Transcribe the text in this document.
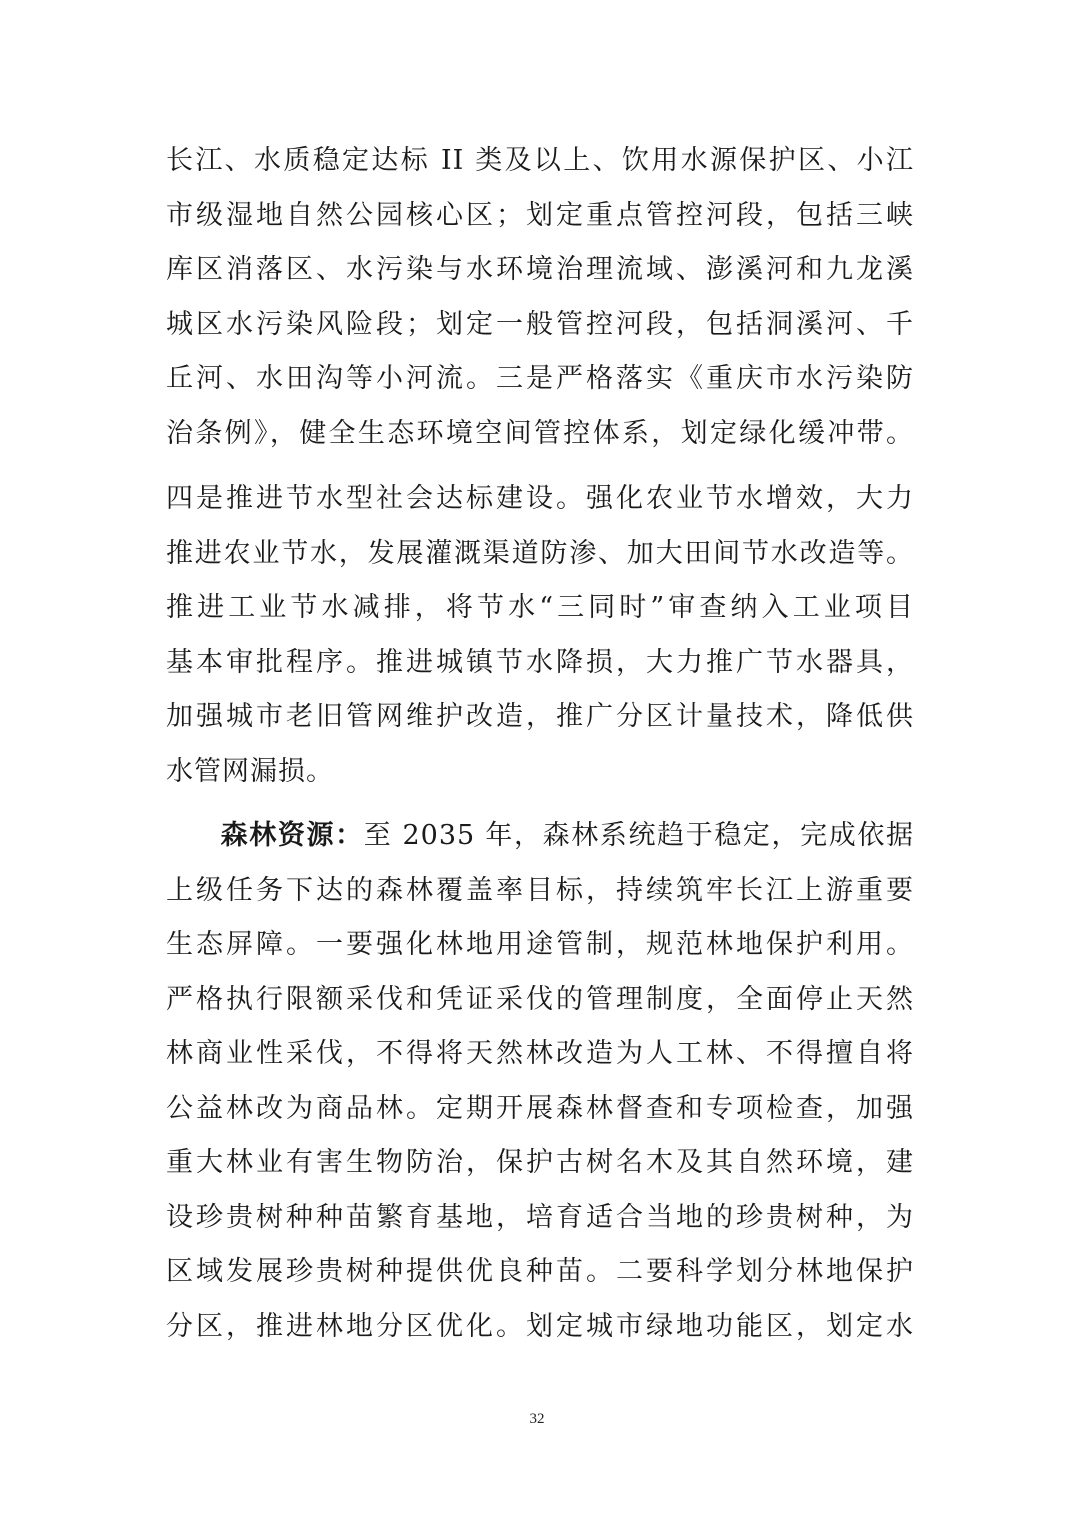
长江、水质稳定达标 II 类及以上、饮用水源保护区、小江
市级湿地自然公园核心区；划定重点管控河段，包括三峡
库区消落区、水污染与水环境治理流域、澎溪河和九龙溪
城区水污染风险段；划定一般管控河段，包括洞溪河、千
丘河、水田沟等小河流。三是严格落实《重庆市水污染防
治条例》，健全生态环境空间管控体系，划定绿化缓冲带。
四是推进节水型社会达标建设。强化农业节水增效，大力
推进农业节水，发展灌溉渠道防渗、加大田间节水改造等。
推进工业节水减排，将节水“三同时”审查纳入工业项目
基本审批程序。推进城镇节水降损，大力推广节水器具，
加强城市老旧管网维护改造，推广分区计量技术，降低供
水管网漏损。
森林资源：至 2035 年，森林系统趋于稳定，完成依据
上级任务下达的森林覆盖率目标，持续筑牢长江上游重要
生态屏障。一要强化林地用途管制，规范林地保护利用。
严格执行限额采伐和凭证采伐的管理制度，全面停止天然
林商业性采伐，不得将天然林改造为人工林、不得擅自将
公益林改为商品林。定期开展森林督查和专项检查，加强
重大林业有害生物防治，保护古树名木及其自然环境，建
设珍贵树种种苗繁育基地，培育适合当地的珍贵树种，为
区域发展珍贵树种提供优良种苗。二要科学划分林地保护
分区，推进林地分区优化。划定城市绿地功能区，划定水
32
